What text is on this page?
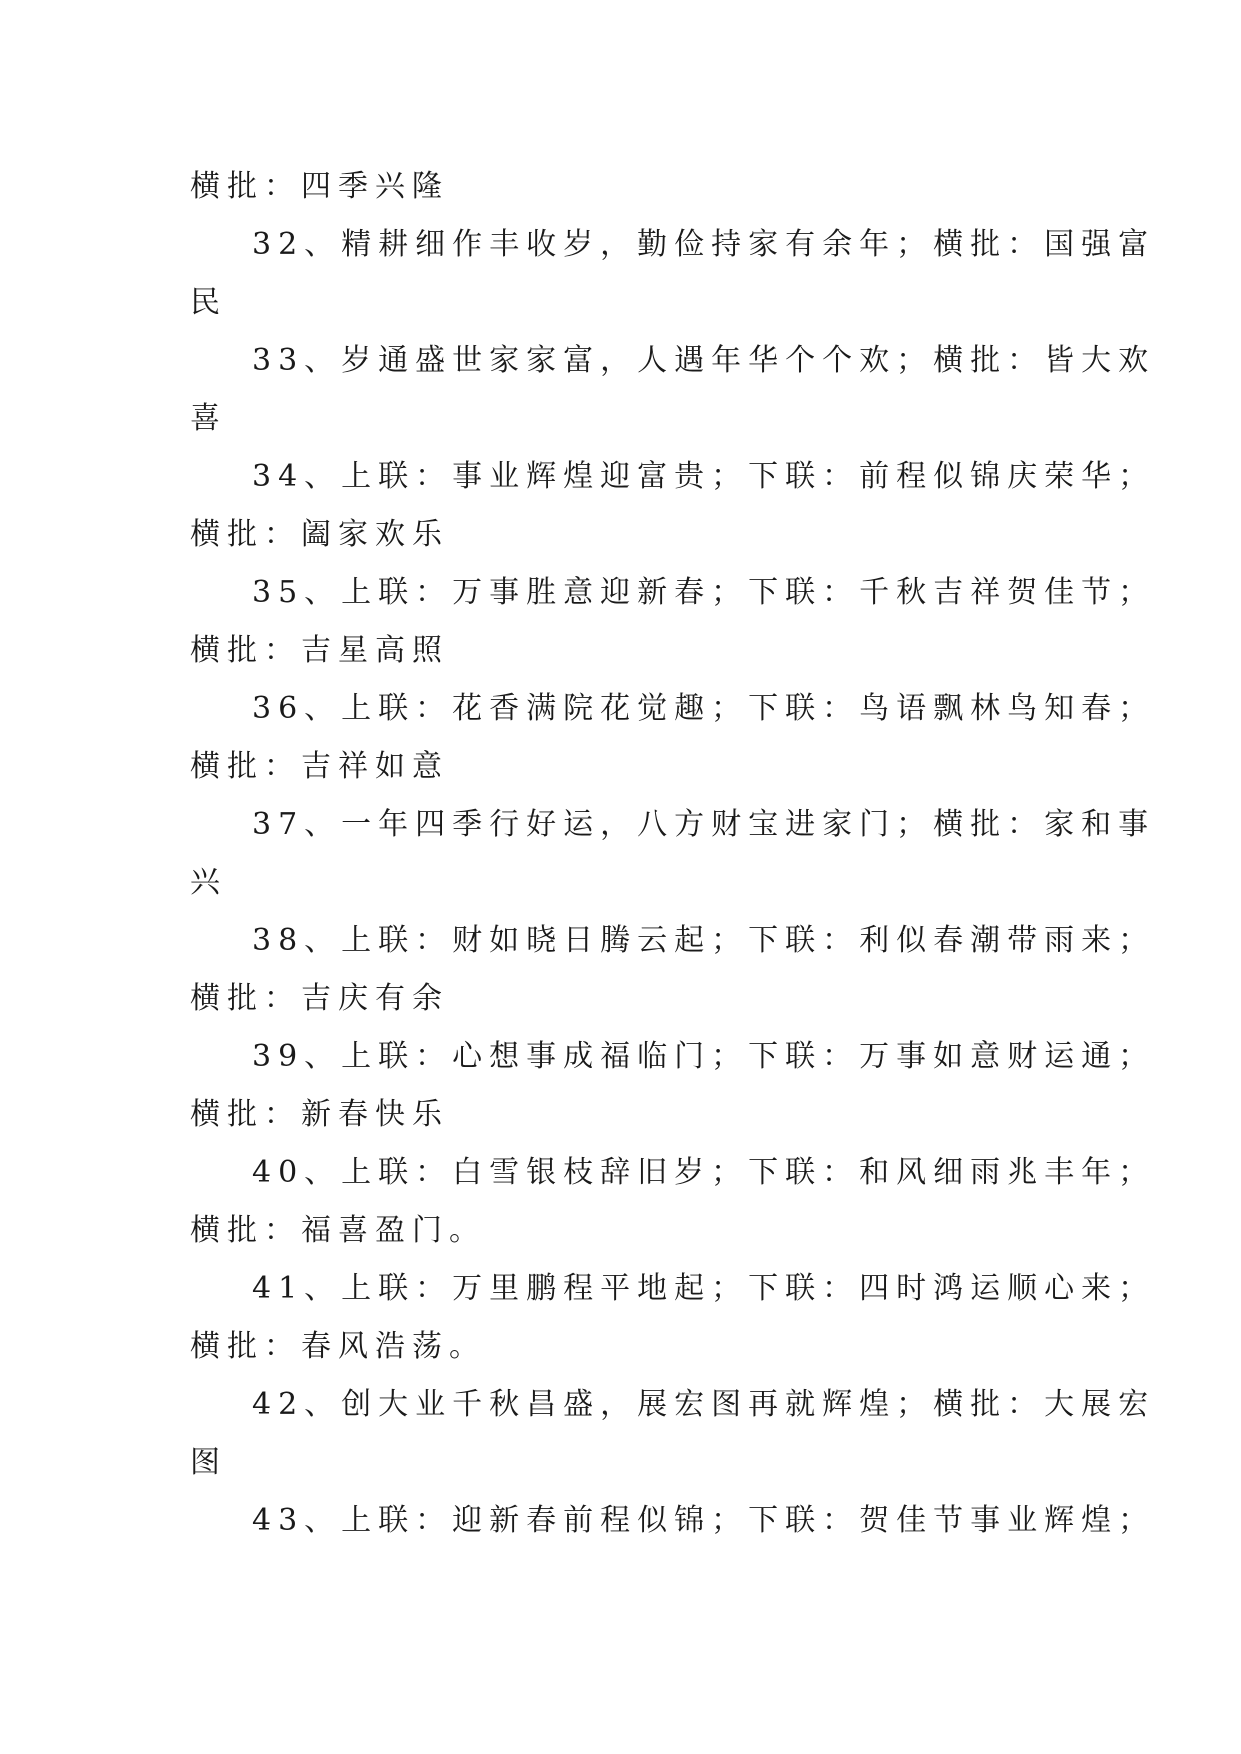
横批：四季兴隆
32、精耕细作丰收岁，勤俭持家有余年；横批：国强富
民
33、岁通盛世家家富，人遇年华个个欢；横批：皆大欢
喜
34、上联：事业辉煌迎富贵；下联：前程似锦庆荣华；
横批：阖家欢乐
35、上联：万事胜意迎新春；下联：千秋吉祥贺佳节；
横批：吉星高照
36、上联：花香满院花觉趣；下联：鸟语飘林鸟知春；
横批：吉祥如意
37、一年四季行好运，八方财宝进家门；横批：家和事
兴
38、上联：财如晓日腾云起；下联：利似春潮带雨来；
横批：吉庆有余
39、上联：心想事成福临门；下联：万事如意财运通；
横批：新春快乐
40、上联：白雪银枝辞旧岁；下联：和风细雨兆丰年；
横批：福喜盈门。
41、上联：万里鹏程平地起；下联：四时鸿运顺心来；
横批：春风浩荡。
42、创大业千秋昌盛，展宏图再就辉煌；横批：大展宏
图
43、上联：迎新春前程似锦；下联：贺佳节事业辉煌；
